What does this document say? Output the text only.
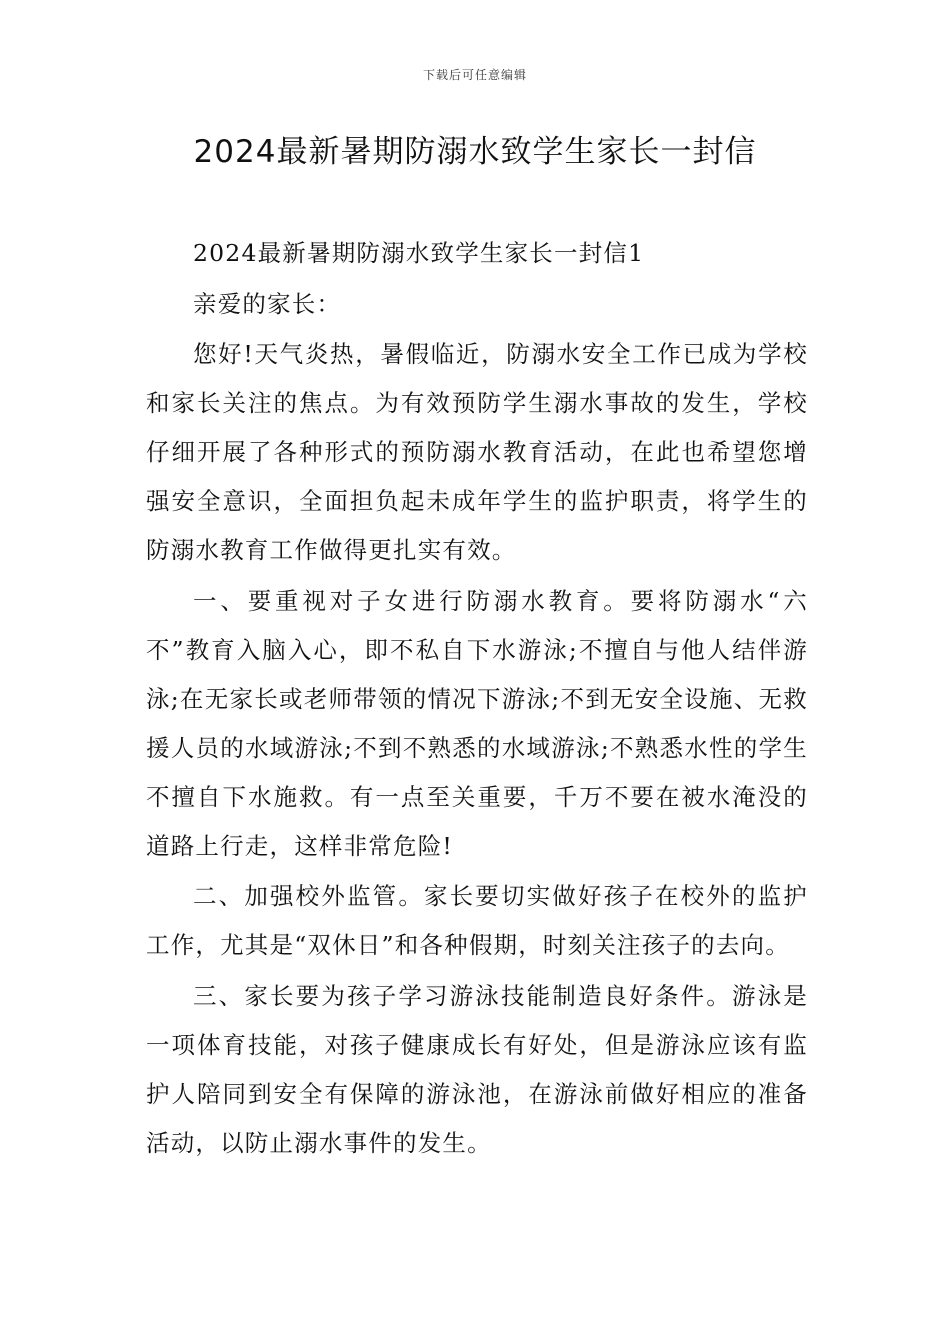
下载后可任意编辑
2024最新暑期防溺水致学生家长一封信

2024最新暑期防溺水致学生家长一封信1

亲爱的家长：

您好!天气炎热，暑假临近，防溺水安全工作已成为学校和家长关注的焦点。为有效预防学生溺水事故的发生，学校仔细开展了各种形式的预防溺水教育活动，在此也希望您增强安全意识，全面担负起未成年学生的监护职责，将学生的防溺水教育工作做得更扎实有效。

一、要重视对子女进行防溺水教育。要将防溺水“六不”教育入脑入心，即不私自下水游泳;不擅自与他人结伴游泳;在无家长或老师带领的情况下游泳;不到无安全设施、无救援人员的水域游泳;不到不熟悉的水域游泳;不熟悉水性的学生不擅自下水施救。有一点至关重要，千万不要在被水淹没的道路上行走，这样非常危险!

二、加强校外监管。家长要切实做好孩子在校外的监护工作，尤其是“双休日”和各种假期，时刻关注孩子的去向。

三、家长要为孩子学习游泳技能制造良好条件。游泳是一项体育技能，对孩子健康成长有好处，但是游泳应该有监护人陪同到安全有保障的游泳池，在游泳前做好相应的准备活动，以防止溺水事件的发生。
